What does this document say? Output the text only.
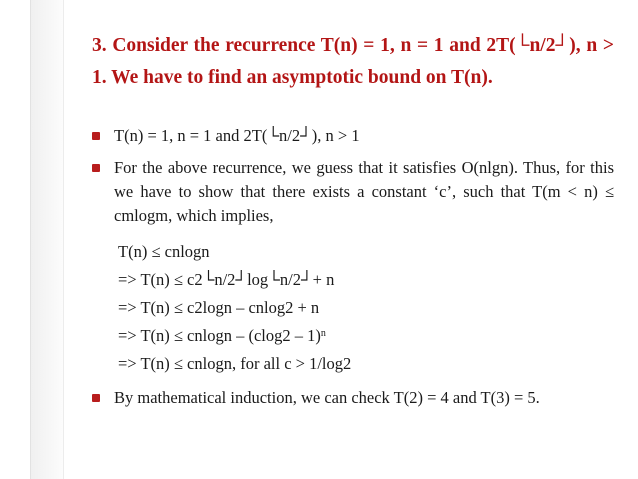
3. Consider the recurrence T(n) = 1, n = 1 and 2T(└n/2┘), n > 1. We have to find an asymptotic bound on T(n).
T(n) = 1, n = 1 and 2T(└n/2┘), n > 1
For the above recurrence, we guess that it satisfies O(nlgn). Thus, for this we have to show that there exists a constant ‘c’, such that T(m < n) ≤ cmlogm, which implies,
T(n) ≤ cnlogn
=> T(n) ≤ c2└n/2┘log└n/2┘+ n
=> T(n) ≤ c2logn – cnlog2 + n
=> T(n) ≤ cnlogn – (clog2 – 1)$^n$
=> T(n) ≤ cnlogn, for all c > 1/log2
By mathematical induction, we can check T(2) = 4 and T(3) = 5.
